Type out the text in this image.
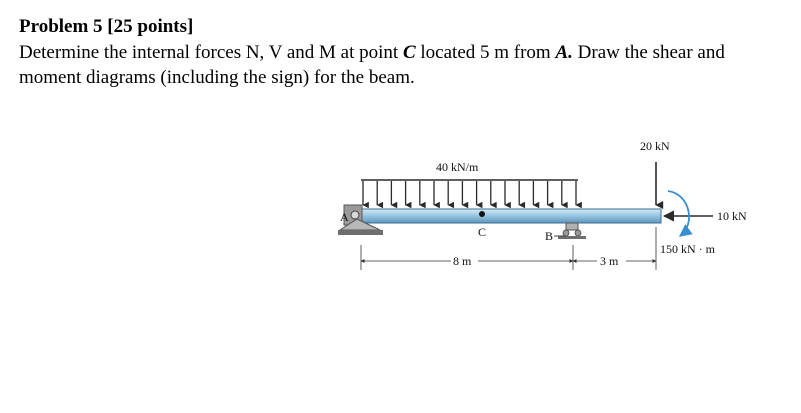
Problem 5 [25 points]
Determine the internal forces N, V and M at point C located 5 m from A. Draw the shear and moment diagrams (including the sign) for the beam.
40 kN/m
C
A
B
20 kN
10 kN
150 kN · m
8 m	3 m
